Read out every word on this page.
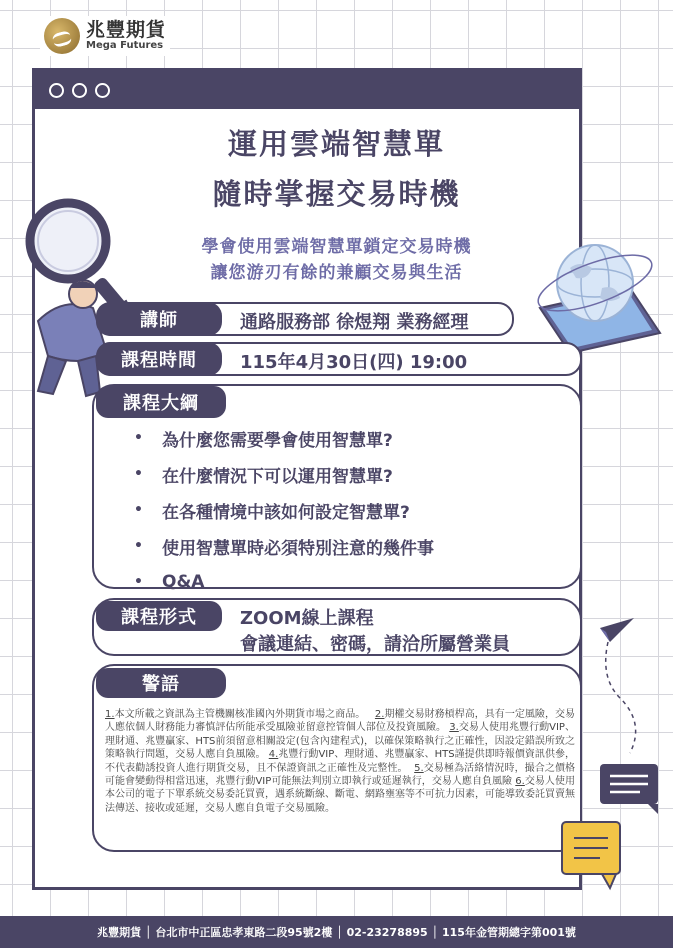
兆豐期貨
Mega Futures
運用雲端智慧單
隨時掌握交易時機
學會使用雲端智慧單鎖定交易時機
讓您游刃有餘的兼顧交易與生活
講師	通路服務部 徐煜翔 業務經理
課程時間	115年4月30日(四) 19:00
課程大綱
•	為什麼您需要學會使用智慧單?
•	在什麼情況下可以運用智慧單?
•	在各種情境中該如何設定智慧單?
•	使用智慧單時必須特別注意的幾件事
•	Q&A
課程形式	ZOOM線上課程
會議連結、密碼，請洽所屬營業員
警語
1.本文所載之資訊為主管機關核准國內外期貨市場之商品。 2.期權交易財務槓桿高，具有一定風險，交易人應依個人財務能力審慎評估所能承受風險並留意控管個人部位及投資風險。 3.交易人使用兆豐行動VIP、理財通、兆豐贏家、HTS前須留意相關設定(包含內建程式)，以確保策略執行之正確性，因設定錯誤所致之策略執行問題，交易人應自負風險。 4.兆豐行動VIP、理財通、兆豐贏家、HTS謹提供即時報價資訊供參，不代表勸誘投資人進行期貨交易，且不保證資訊之正確性及完整性。 5.交易極為活絡情況時，撮合之價格可能會變動得相當迅速，兆豐行動VIP可能無法判別立即執行或延遲執行，交易人應自負風險 6.交易人使用本公司的電子下單系統交易委託買賣，遇系統斷線、斷電、網路壅塞等不可抗力因素，可能導致委託買賣無法傳送、接收或延遲，交易人應自負電子交易風險。
兆豐期貨 │ 台北市中正區忠孝東路二段95號2樓 │ 02-23278895 │ 115年金管期總字第001號
